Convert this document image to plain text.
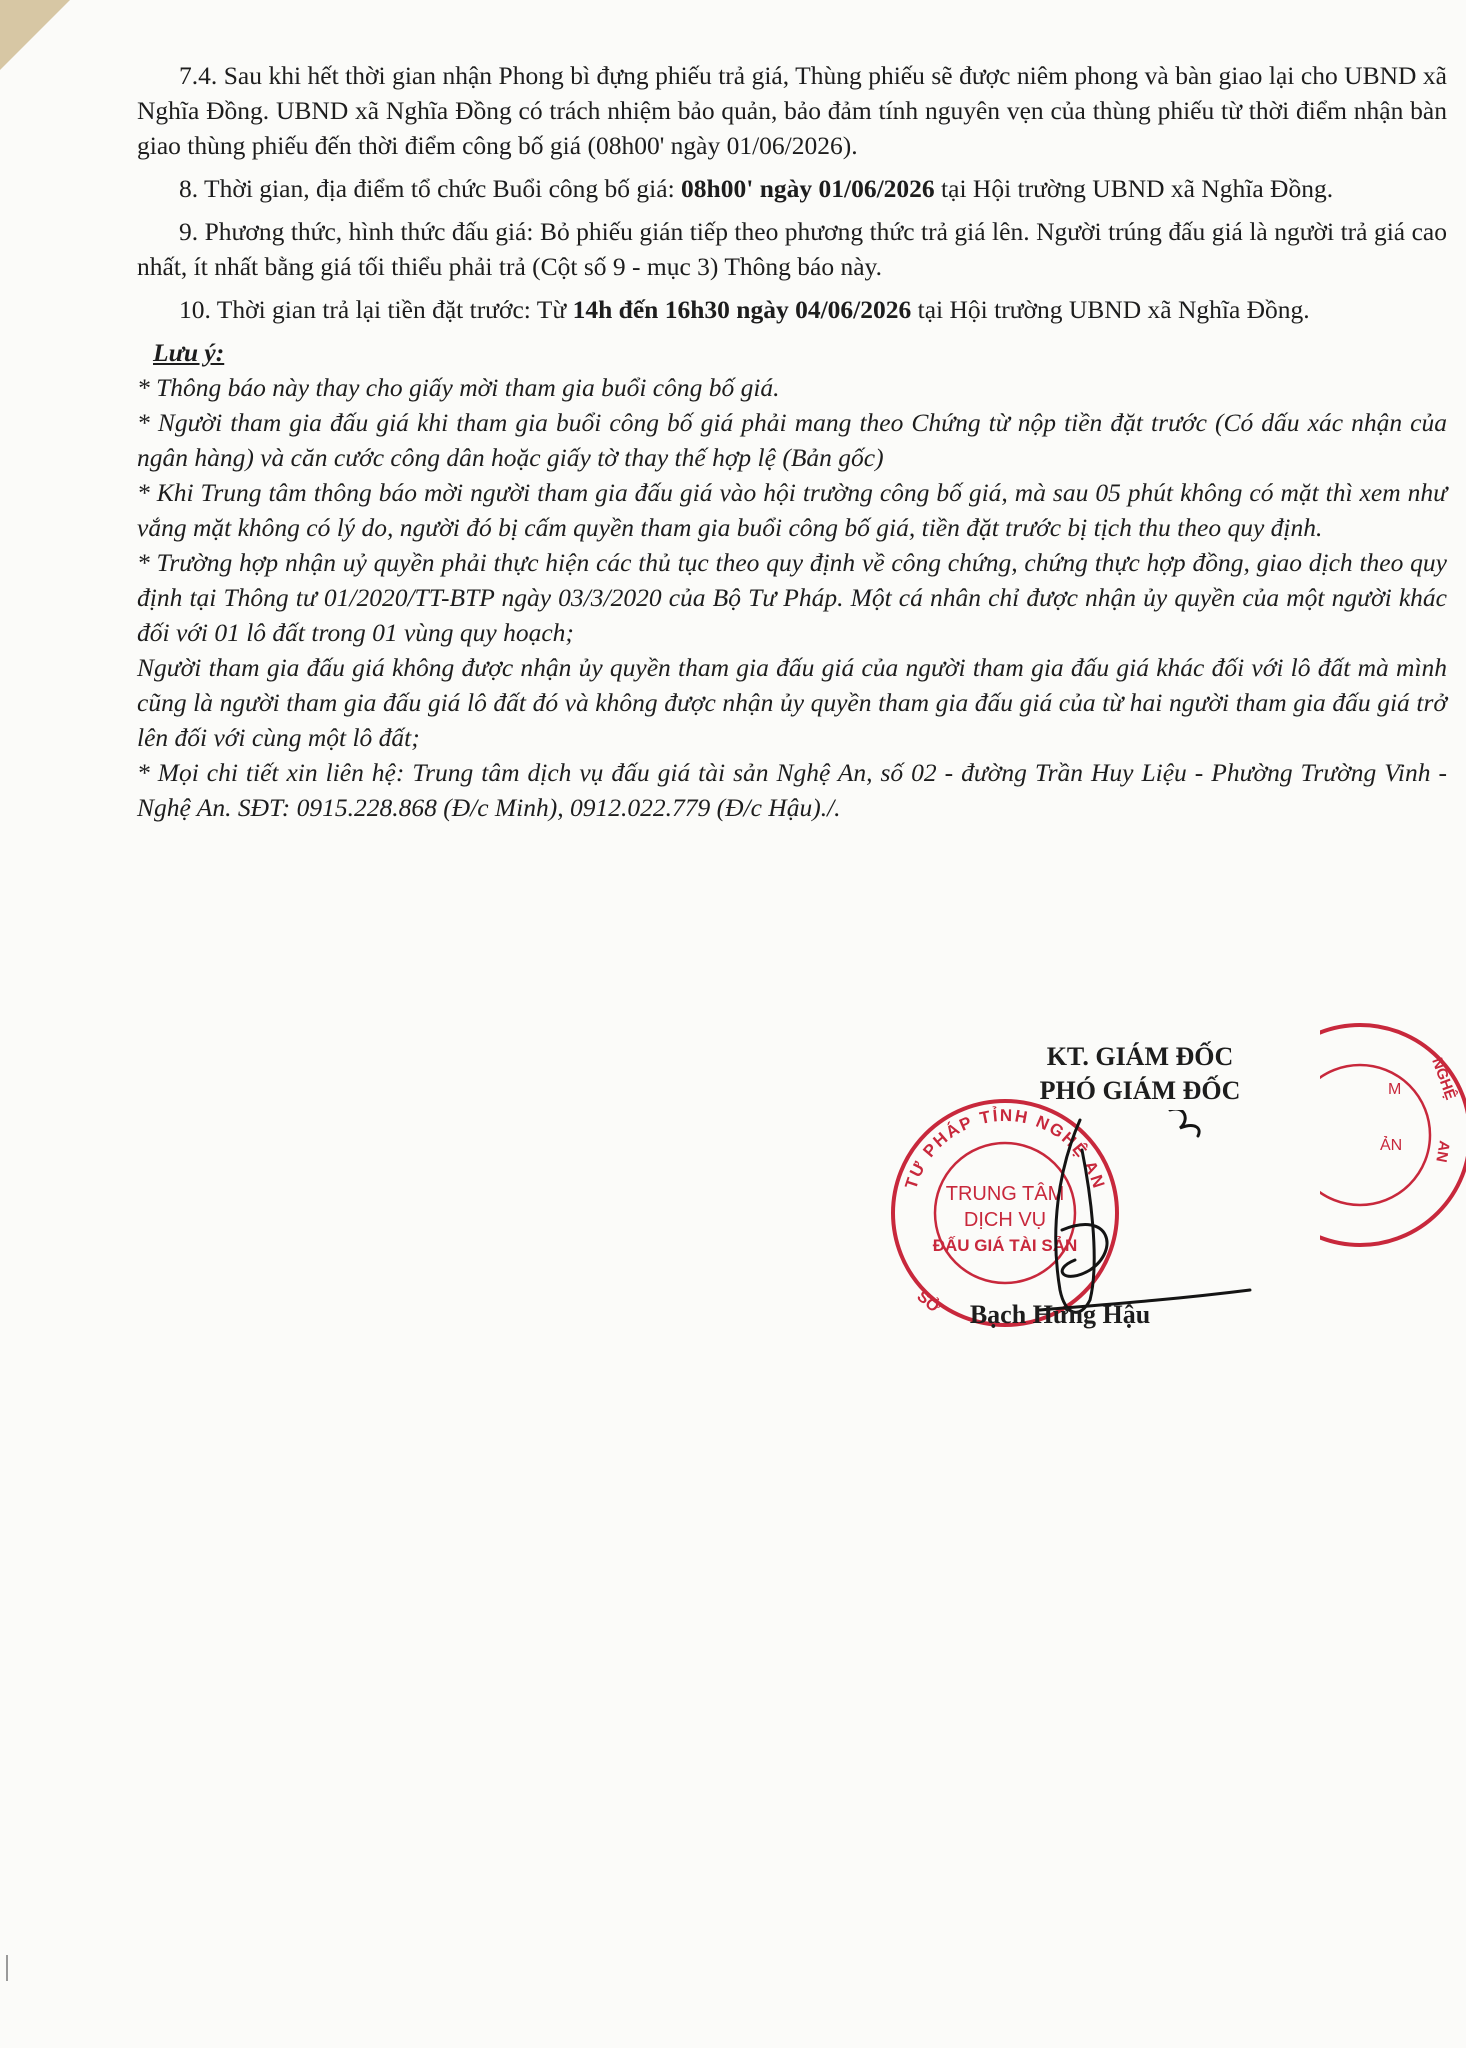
7.4. Sau khi hết thời gian nhận Phong bì đựng phiếu trả giá, Thùng phiếu sẽ được niêm phong và bàn giao lại cho UBND xã Nghĩa Đồng. UBND xã Nghĩa Đồng có trách nhiệm bảo quản, bảo đảm tính nguyên vẹn của thùng phiếu từ thời điểm nhận bàn giao thùng phiếu đến thời điểm công bố giá (08h00' ngày 01/06/2026).

8. Thời gian, địa điểm tổ chức Buổi công bố giá: 08h00' ngày 01/06/2026 tại Hội trường UBND xã Nghĩa Đồng.

9. Phương thức, hình thức đấu giá: Bỏ phiếu gián tiếp theo phương thức trả giá lên. Người trúng đấu giá là người trả giá cao nhất, ít nhất bằng giá tối thiểu phải trả (Cột số 9 - mục 3) Thông báo này.

10. Thời gian trả lại tiền đặt trước: Từ 14h đến 16h30 ngày 04/06/2026 tại Hội trường UBND xã Nghĩa Đồng.

Lưu ý:

* Thông báo này thay cho giấy mời tham gia buổi công bố giá.

* Người tham gia đấu giá khi tham gia buổi công bố giá phải mang theo Chứng từ nộp tiền đặt trước (Có dấu xác nhận của ngân hàng) và căn cước công dân hoặc giấy tờ thay thế hợp lệ (Bản gốc)

* Khi Trung tâm thông báo mời người tham gia đấu giá vào hội trường công bố giá, mà sau 05 phút không có mặt thì xem như vắng mặt không có lý do, người đó bị cấm quyền tham gia buổi công bố giá, tiền đặt trước bị tịch thu theo quy định.

* Trường hợp nhận uỷ quyền phải thực hiện các thủ tục theo quy định về công chứng, chứng thực hợp đồng, giao dịch theo quy định tại Thông tư 01/2020/TT-BTP ngày 03/3/2020 của Bộ Tư Pháp. Một cá nhân chỉ được nhận ủy quyền của một người khác đối với 01 lô đất trong 01 vùng quy hoạch;

Người tham gia đấu giá không được nhận ủy quyền tham gia đấu giá của người tham gia đấu giá khác đối với lô đất mà mình cũng là người tham gia đấu giá lô đất đó và không được nhận ủy quyền tham gia đấu giá của từ hai người tham gia đấu giá trở lên đối với cùng một lô đất;

* Mọi chi tiết xin liên hệ: Trung tâm dịch vụ đấu giá tài sản Nghệ An, số 02 - đường Trần Huy Liệu - Phường Trường Vinh - Nghệ An. SĐT: 0915.228.868 (Đ/c Minh), 0912.022.779 (Đ/c Hậu)./.

KT. GIÁM ĐỐC
PHÓ GIÁM ĐỐC
TƯ PHÁP TỈNH NGHỆ AN
SỞ
TRUNG TÂM
DỊCH VỤ
ĐẤU GIÁ TÀI SẢN
NGHỆ
AN
M
ẢN
Bạch Hưng Hậu
